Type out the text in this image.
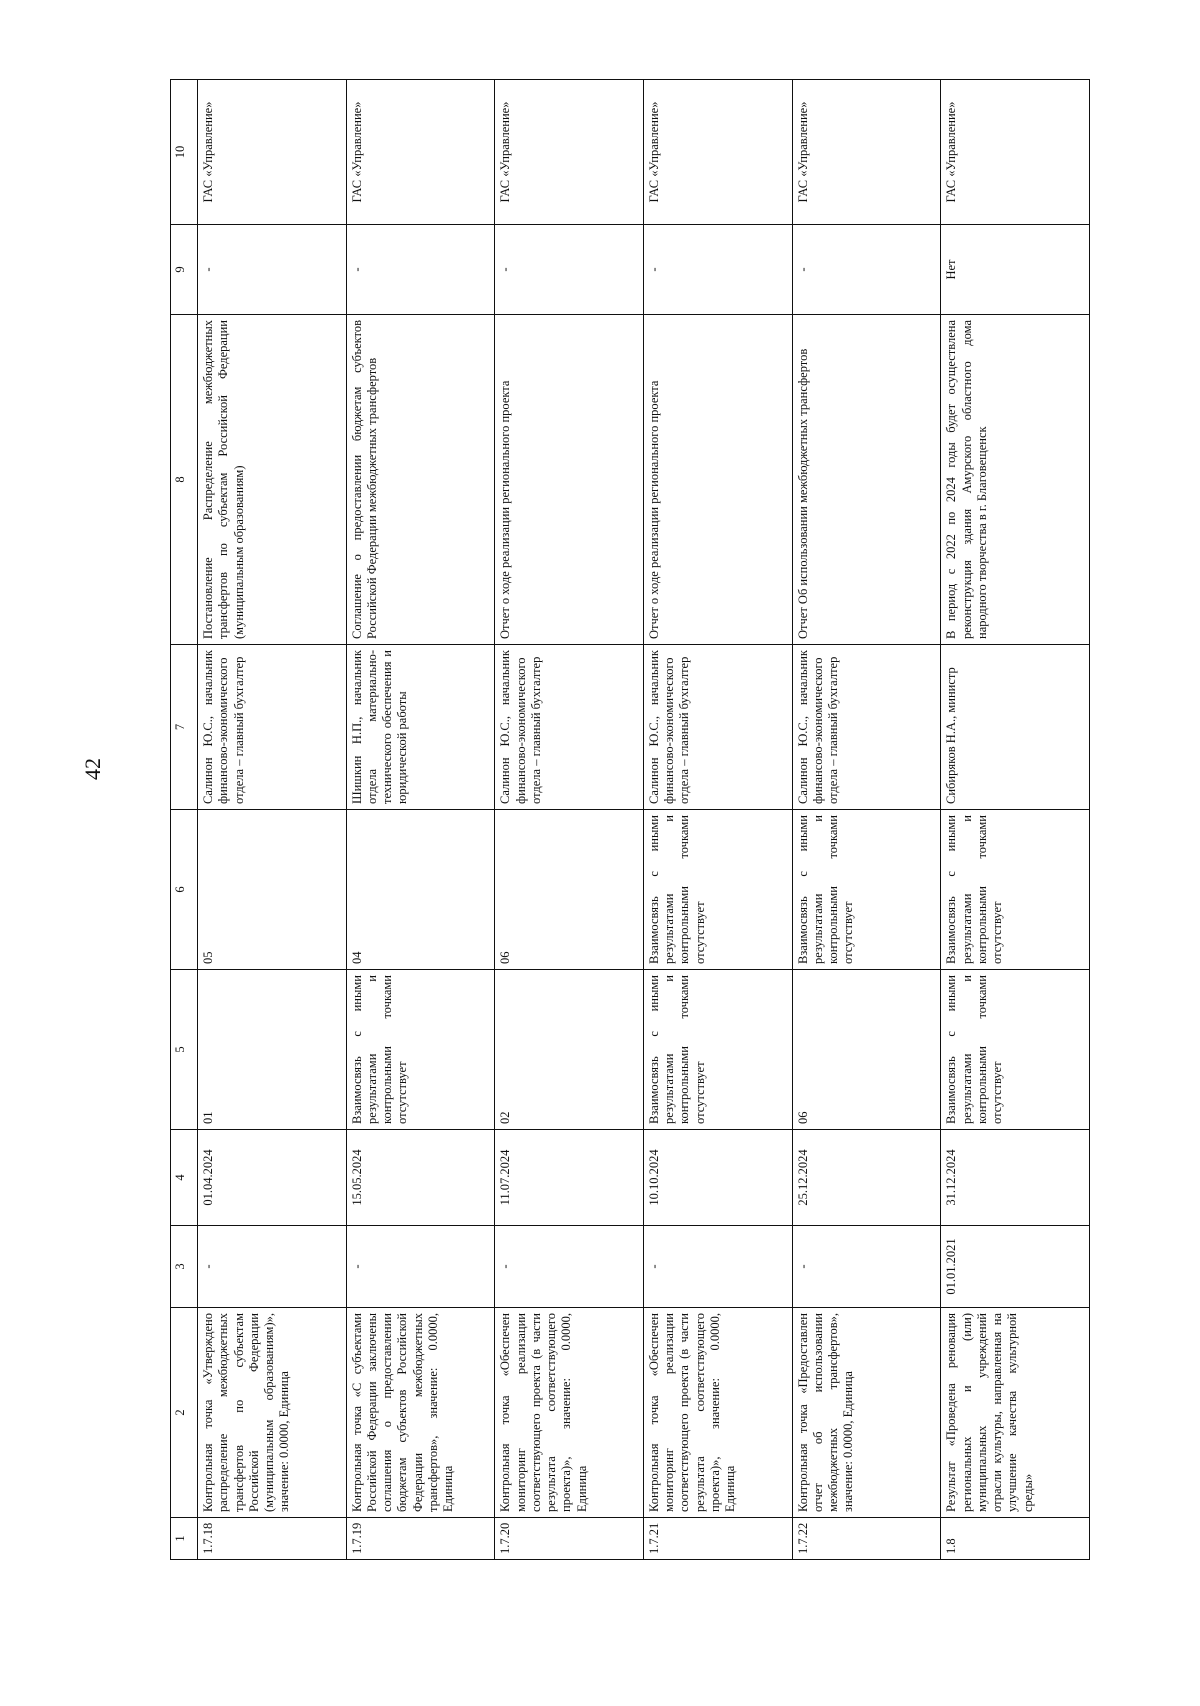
42
1	2	3	4	5	6	7	8	9	10
1.7.18	Контрольная точка «Утверждено распределение межбюджетных трансфертов по субъектам Российской Федерации (муниципальным образованиям)», значение: 0.0000, Единица	-	01.04.2024	01	05	Салинон Ю.С., начальник финансово-экономического отдела – главный бухгалтер	Постановление Распределение межбюджетных трансфертов по субъектам Российской Федерации (муниципальным образованиям)	-	ГАС «Управление»
1.7.19	Контрольная точка «С субъектами Российской Федерации заключены соглашения о предоставлении бюджетам субъектов Российской Федерации межбюджетных трансфертов», значение: 0.0000, Единица	-	15.05.2024	Взаимосвязь с иными результатами и контрольными точками отсутствует	04	Шишкин Н.П., начальник отдела материально-технического обеспечения и юридической работы	Соглашение о предоставлении бюджетам субъектов Российской Федерации межбюджетных трансфертов	-	ГАС «Управление»
1.7.20	Контрольная точка «Обеспечен мониторинг реализации соответствующего проекта (в части результата соответствующего проекта)», значение: 0.0000, Единица	-	11.07.2024	02	06	Салинон Ю.С., начальник финансово-экономического отдела – главный бухгалтер	Отчет о ходе реализации регионального проекта	-	ГАС «Управление»
1.7.21	Контрольная точка «Обеспечен мониторинг реализации соответствующего проекта (в части результата соответствующего проекта)», значение: 0.0000, Единица	-	10.10.2024	Взаимосвязь с иными результатами и контрольными точками отсутствует	Взаимосвязь с иными результатами и контрольными точками отсутствует	Салинон Ю.С., начальник финансово-экономического отдела – главный бухгалтер	Отчет о ходе реализации регионального проекта	-	ГАС «Управление»
1.7.22	Контрольная точка «Предоставлен отчет об использовании межбюджетных трансфертов», значение: 0.0000, Единица	-	25.12.2024	06	Взаимосвязь с иными результатами и контрольными точками отсутствует	Салинон Ю.С., начальник финансово-экономического отдела – главный бухгалтер	Отчет Об использовании межбюджетных трансфертов	-	ГАС «Управление»
1.8	Результат «Проведена реновация региональных и (или) муниципальных учреждений отрасли культуры, направленная на улучшение качества культурной среды»	01.01.2021	31.12.2024	Взаимосвязь с иными результатами и контрольными точками отсутствует	Взаимосвязь с иными результатами и контрольными точками отсутствует	Сибиряков Н.А., министр	В период с 2022 по 2024 годы будет осуществлена реконструкция здания Амурского областного дома народного творчества в г. Благовещенск	Нет	ГАС «Управление»
